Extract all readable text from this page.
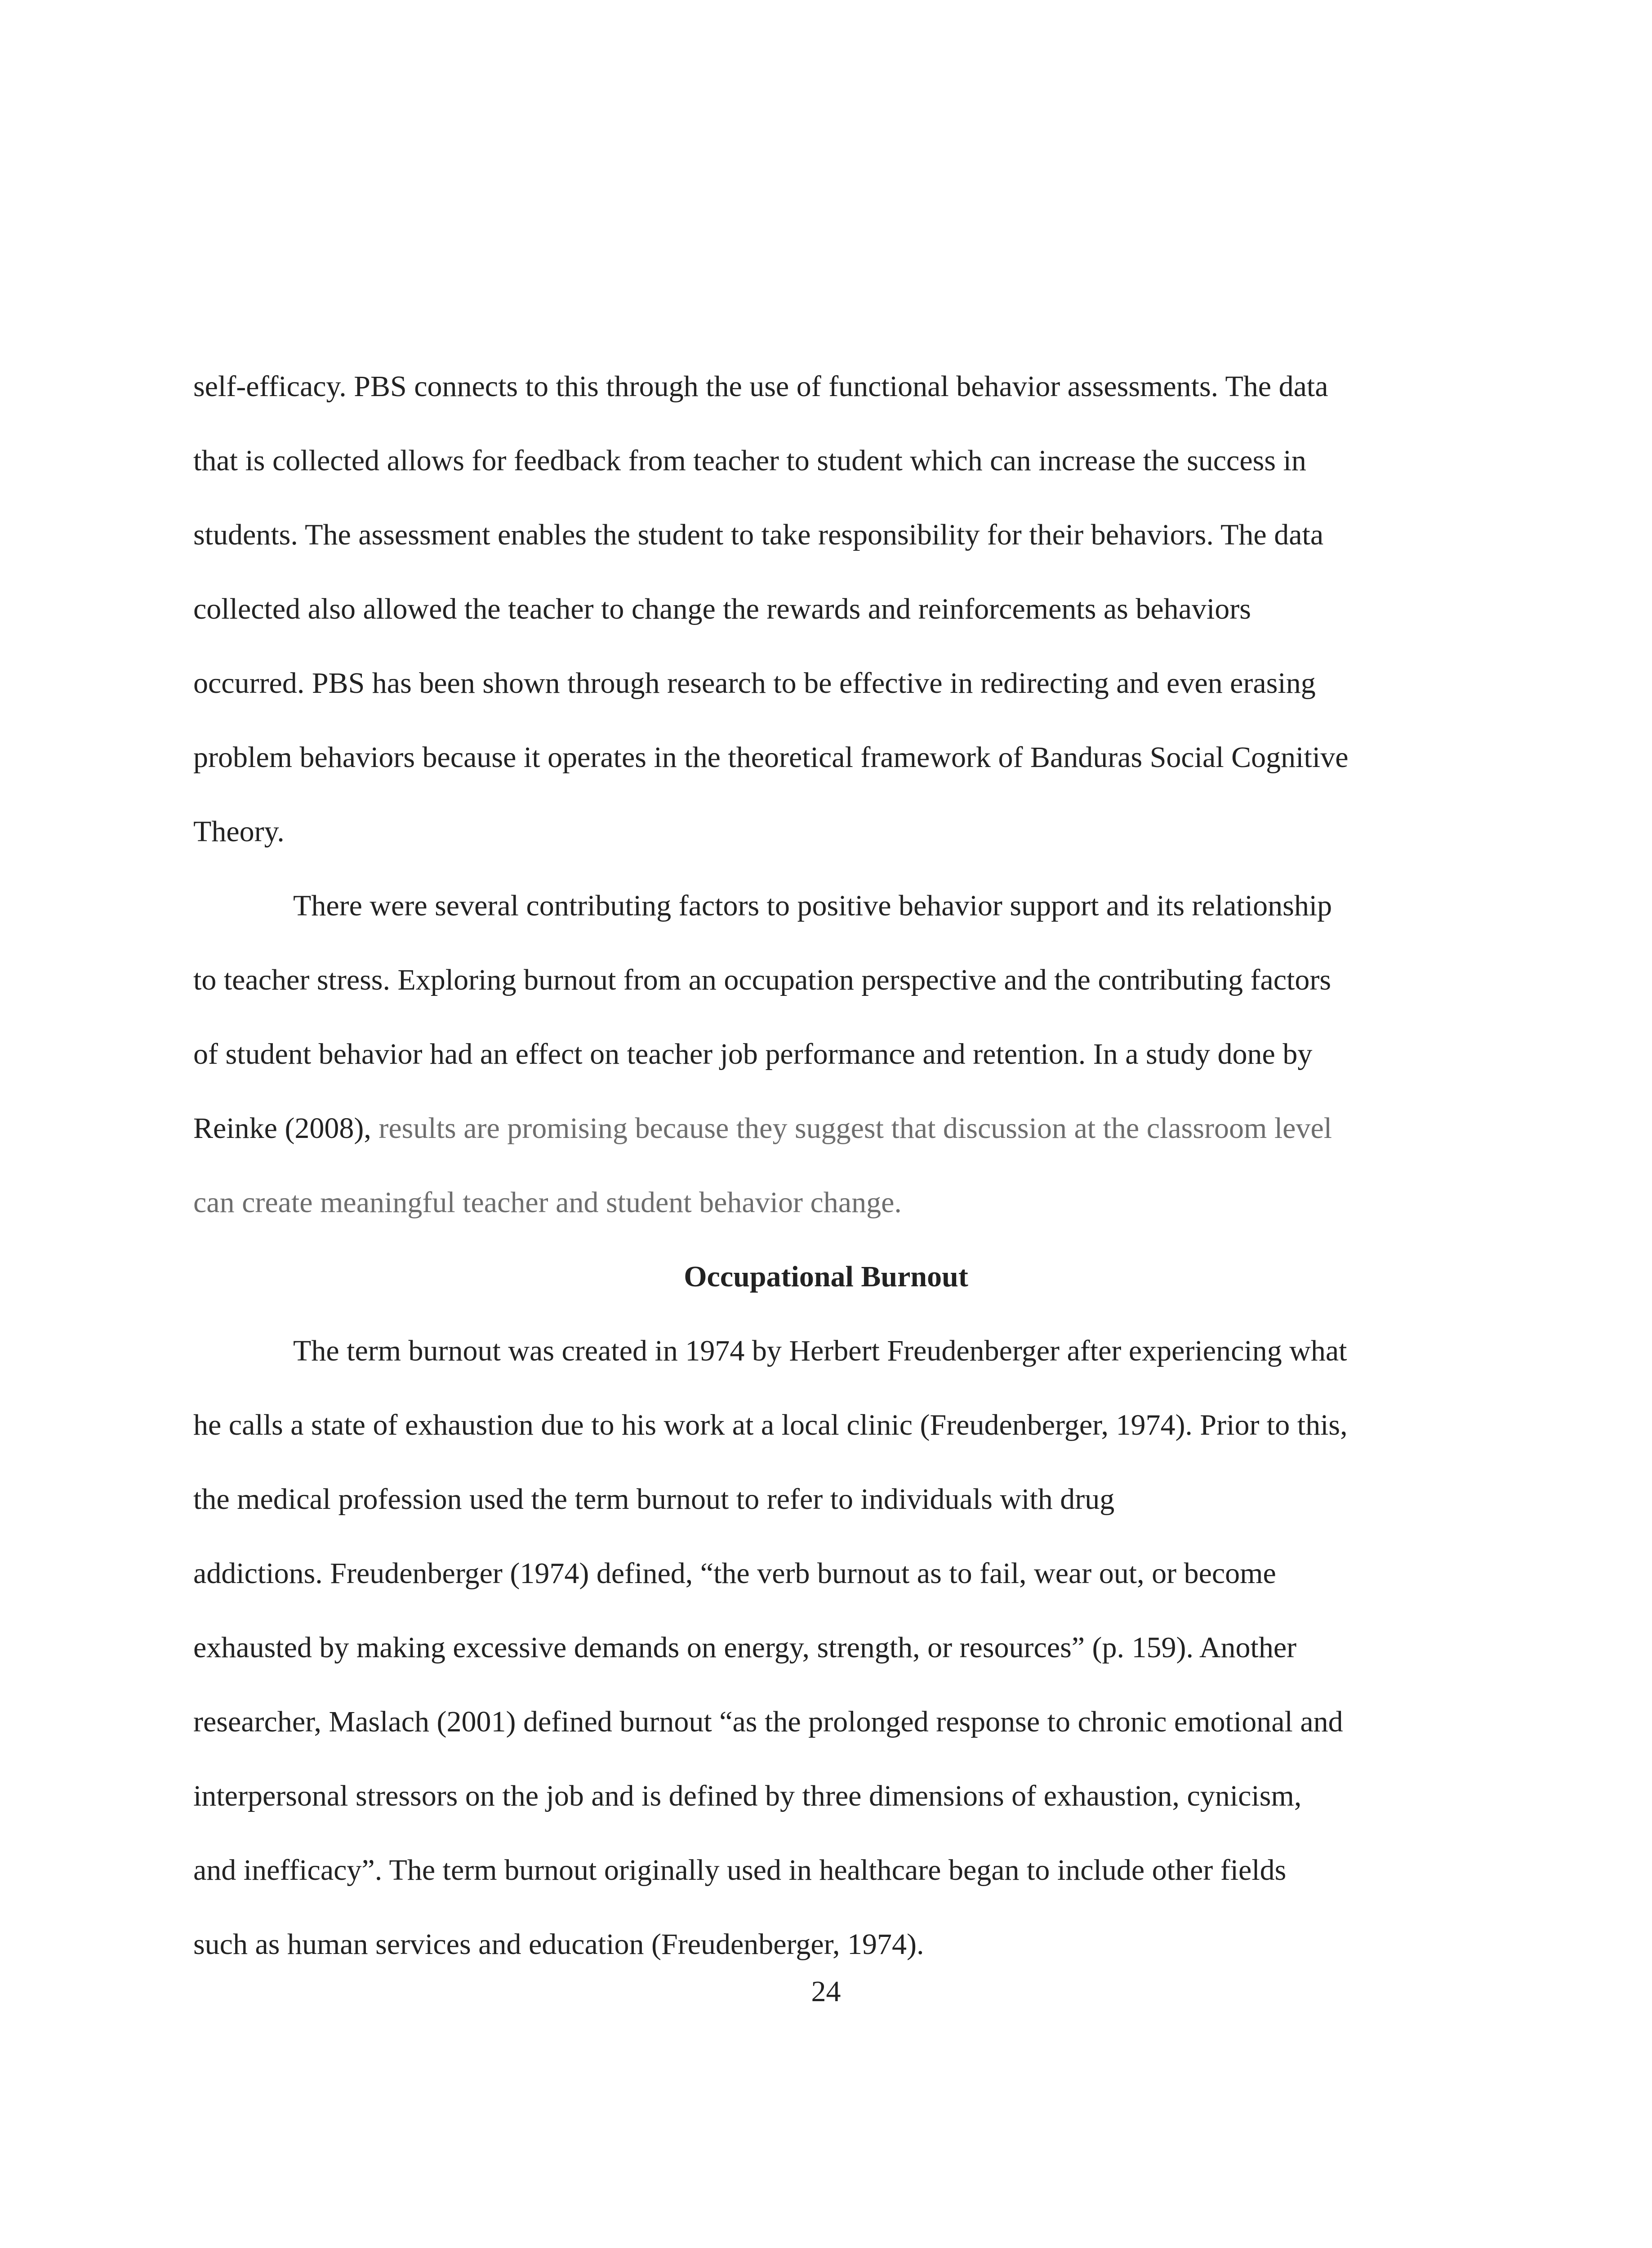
self-efficacy. PBS connects to this through the use of functional behavior assessments. The data

that is collected allows for feedback from teacher to student which can increase the success in

students. The assessment enables the student to take responsibility for their behaviors. The data

collected also allowed the teacher to change the rewards and reinforcements as behaviors

occurred. PBS has been shown through research to be effective in redirecting and even erasing

problem behaviors because it operates in the theoretical framework of Banduras Social Cognitive

Theory.

There were several contributing factors to positive behavior support and its relationship

to teacher stress. Exploring burnout from an occupation perspective and the contributing factors

of student behavior had an effect on teacher job performance and retention. In a study done by

Reinke (2008), results are promising because they suggest that discussion at the classroom level

can create meaningful teacher and student behavior change.

Occupational Burnout

The term burnout was created in 1974 by Herbert Freudenberger after experiencing what

he calls a state of exhaustion due to his work at a local clinic (Freudenberger, 1974). Prior to this,

the medical profession used the term burnout to refer to individuals with drug

addictions. Freudenberger (1974) defined, “the verb burnout as to fail, wear out, or become

exhausted by making excessive demands on energy, strength, or resources” (p. 159). Another

researcher, Maslach (2001) defined burnout “as the prolonged response to chronic emotional and

interpersonal stressors on the job and is defined by three dimensions of exhaustion, cynicism,

and inefficacy”. The term burnout originally used in healthcare began to include other fields

such as human services and education (Freudenberger, 1974).

24
